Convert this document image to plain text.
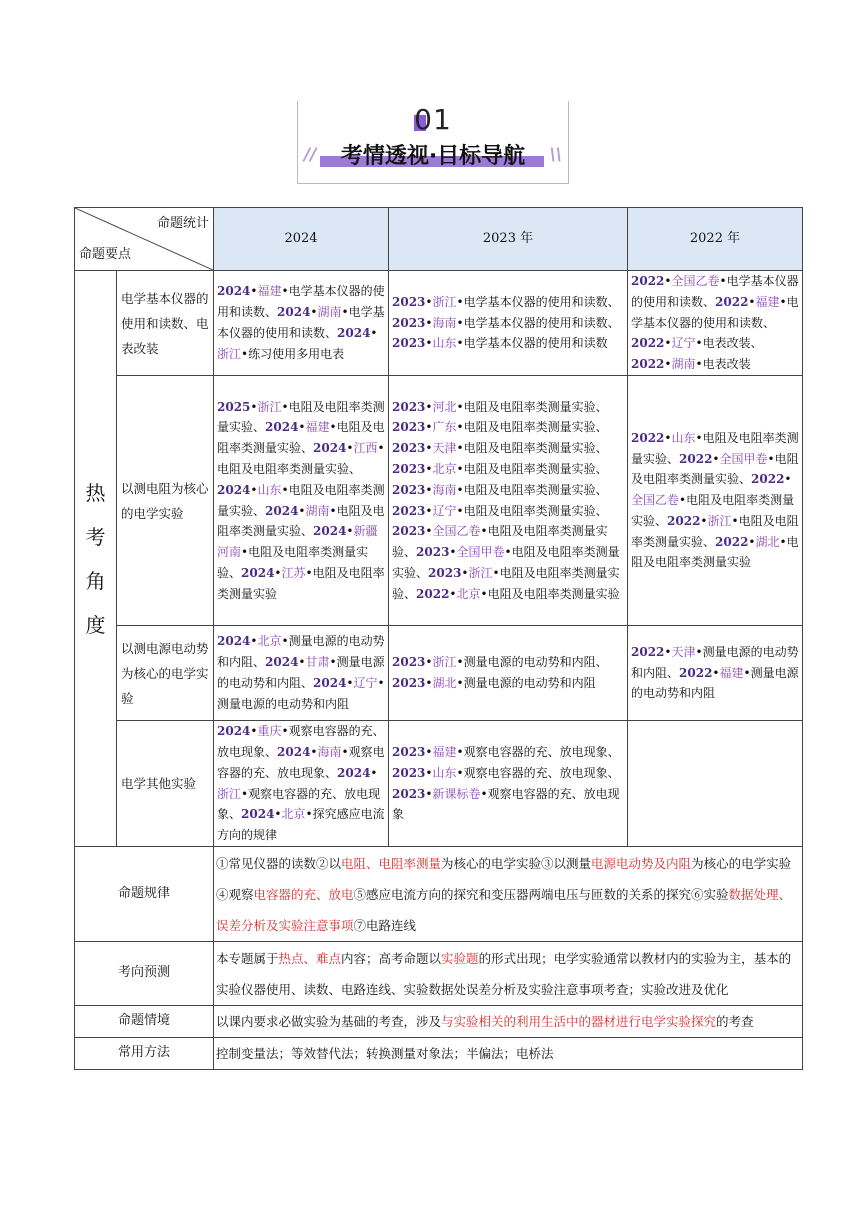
01
//	考情透视·目标导航	\\
命题统计
命题要点		2024	2023 年	2022 年

热
考
角
度	电学基本仪器的使用和读数、电表改装	2024•福建•电学基本仪器的使用和读数、2024•湖南•电学基本仪器的使用和读数、2024•浙江•练习使用多用电表	2023•浙江•电学基本仪器的使用和读数、2023•海南•电学基本仪器的使用和读数、2023•山东•电学基本仪器的使用和读数	2022•全国乙卷•电学基本仪器的使用和读数、2022•福建•电学基本仪器的使用和读数、2022•辽宁•电表改装、2022•湖南•电表改装
	以测电阻为核心的电学实验	2025•浙江•电阻及电阻率类测量实验、2024•福建•电阻及电阻率类测量实验、2024•江西•电阻及电阻率类测量实验、2024•山东•电阻及电阻率类测量实验、2024•湖南•电阻及电阻率类测量实验、2024•新疆河南•电阻及电阻率类测量实验、2024•江苏•电阻及电阻率类测量实验	2023•河北•电阻及电阻率类测量实验、2023•广东•电阻及电阻率类测量实验、2023•天津•电阻及电阻率类测量实验、2023•北京•电阻及电阻率类测量实验、2023•海南•电阻及电阻率类测量实验、2023•辽宁•电阻及电阻率类测量实验、2023•全国乙卷•电阻及电阻率类测量实验、2023•全国甲卷•电阻及电阻率类测量实验、2023•浙江•电阻及电阻率类测量实验、2022•北京•电阻及电阻率类测量实验	2022•山东•电阻及电阻率类测量实验、2022•全国甲卷•电阻及电阻率类测量实验、2022•全国乙卷•电阻及电阻率类测量实验、2022•浙江•电阻及电阻率类测量实验、2022•湖北•电阻及电阻率类测量实验
	以测电源电动势为核心的电学实验	2024•北京•测量电源的电动势和内阻、2024•甘肃•测量电源的电动势和内阻、2024•辽宁•测量电源的电动势和内阻	2023•浙江•测量电源的电动势和内阻、2023•湖北•测量电源的电动势和内阻	2022•天津•测量电源的电动势和内阻、2022•福建•测量电源的电动势和内阻
	电学其他实验	2024•重庆•观察电容器的充、放电现象、2024•海南•观察电容器的充、放电现象、2024•浙江•观察电容器的充、放电现象、2024•北京•探究感应电流方向的规律	2023•福建•观察电容器的充、放电现象、2023•山东•观察电容器的充、放电现象、2023•新课标卷•观察电容器的充、放电现象	
命题规律		①常见仪器的读数②以电阻、电阻率测量为核心的电学实验③以测量电源电动势及内阻为核心的电学实验④观察电容器的充、放电⑤感应电流方向的探究和变压器两端电压与匝数的关系的探究⑥实验数据处理、误差分析及实验注意事项⑦电路连线		
考向预测		本专题属于热点、难点内容；高考命题以实验题的形式出现；电学实验通常以教材内的实验为主，基本的实验仪器使用、读数、电路连线、实验数据处误差分析及实验注意事项考查；实验改进及优化		
命题情境		以课内要求必做实验为基础的考查，涉及与实验相关的利用生活中的器材进行电学实验探究的考查		
常用方法		控制变量法；等效替代法；转换测量对象法；半偏法；电桥法		
